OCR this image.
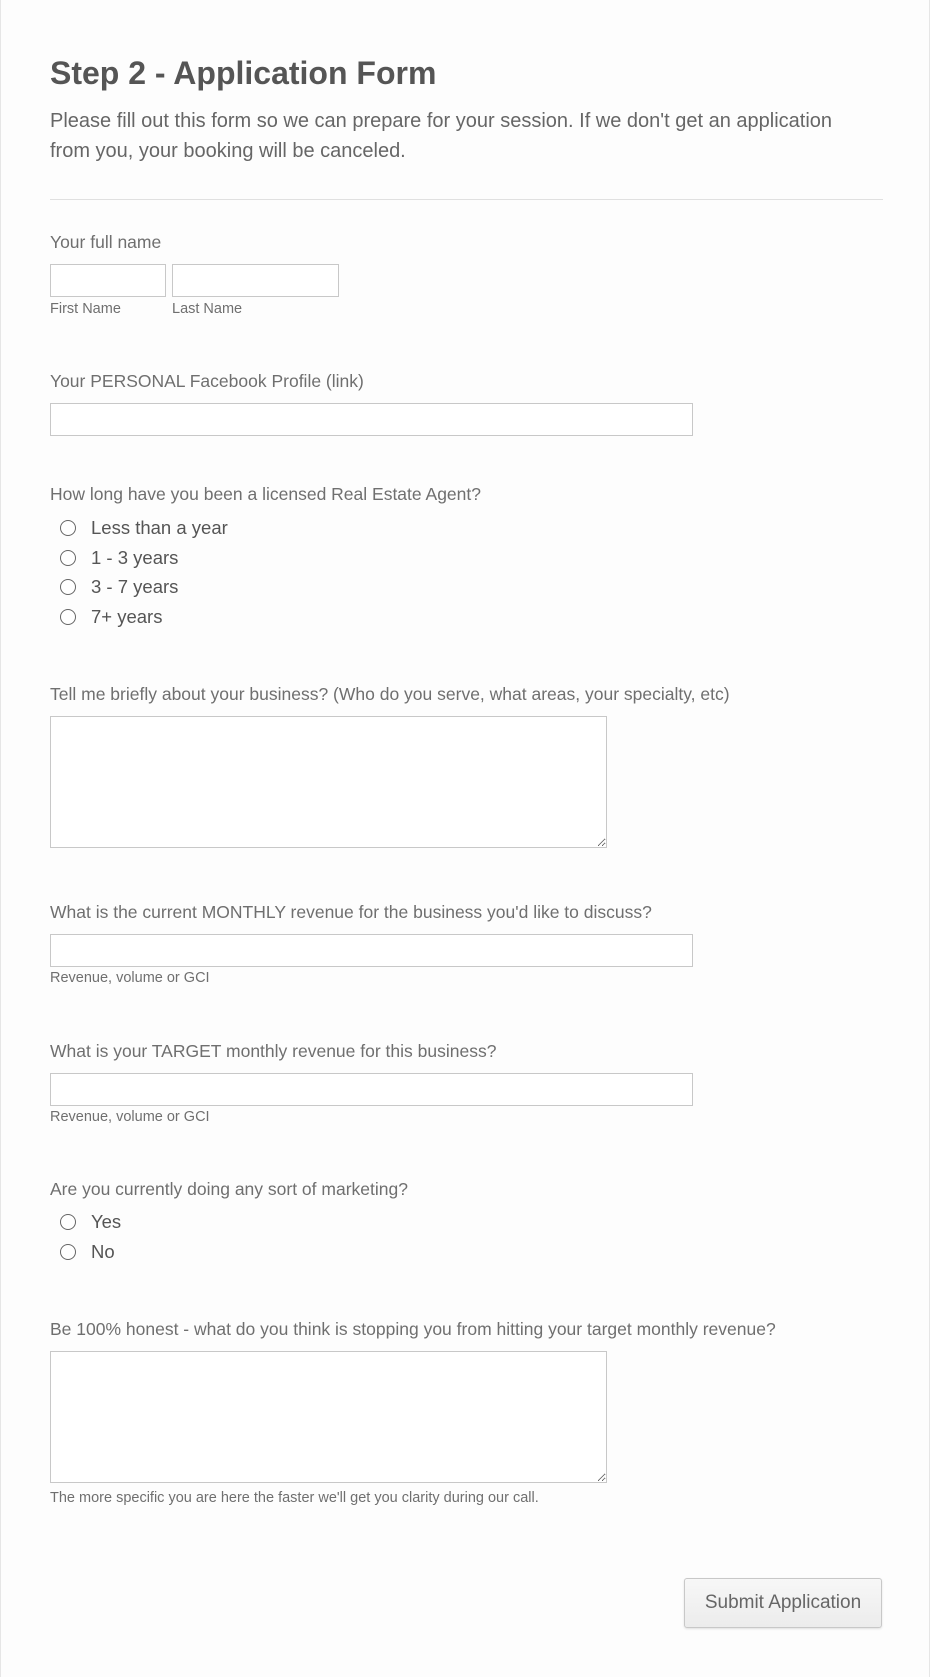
Step 2 - Application Form

Please fill out this form so we can prepare for your session. If we don't get an application from you, your booking will be canceled.

Your full name
First Name	Last Name
Your PERSONAL Facebook Profile (link)
How long have you been a licensed Real Estate Agent?
Less than a year
1 - 3 years
3 - 7 years
7+ years
Tell me briefly about your business? (Who do you serve, what areas, your specialty, etc)
What is the current MONTHLY revenue for the business you'd like to discuss?
Revenue, volume or GCI
What is your TARGET monthly revenue for this business?
Revenue, volume or GCI
Are you currently doing any sort of marketing?
Yes
No
Be 100% honest - what do you think is stopping you from hitting your target monthly revenue?
The more specific you are here the faster we'll get you clarity during our call.
Submit Application
